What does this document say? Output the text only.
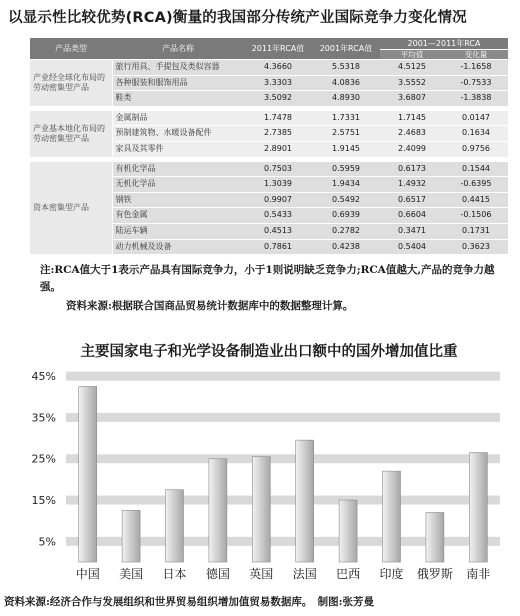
以显示性比较优势(RCA)衡量的我国部分传统产业国际竞争力变化情况
产品类型	产品名称	2011年RCA值	2001年RCA值	2001—2011年RCA	
				平均值	变化量
产业经全球化布局的劳动密集型产品	旅行用具、手提包及类似容器	4.3660	5.5318	4.5125	-1.1658
	各种服装和服饰用品	3.3303	4.0836	3.5552	-0.7533
	鞋类	3.5092	4.8930	3.6807	-1.3838

产业基本地化布局的劳动密集型产品	金属制品	1.7478	1.7331	1.7145	0.0147
	预制建筑物、水暖设备配件	2.7385	2.5751	2.4683	0.1634
	家具及其零件	2.8901	1.9145	2.4099	0.9756

资本密集型产品	有机化学品	0.7503	0.5959	0.6173	0.1544
	无机化学品	1.3039	1.9434	1.4932	-0.6395
	钢铁	0.9907	0.5492	0.6517	0.4415
	有色金属	0.5433	0.6939	0.6604	-0.1506
	陆运车辆	0.4513	0.2782	0.3471	0.1731
	动力机械及设备	0.7861	0.4238	0.5404	0.3623
注:RCA值大于1表示产品具有国际竞争力，小于1则说明缺乏竞争力;RCA值越大,产品的竞争力越强。
资料来源:根据联合国商品贸易统计数据库中的数据整理计算。
主要国家电子和光学设备制造业出口额中的国外增加值比重
45%
35%
25%
15%
5%
中国 美国 日本 德国 英国 法国 巴西 印度 俄罗斯 南非
资料来源:经济合作与发展组织和世界贸易组织增加值贸易数据库。　制图:张芳曼
